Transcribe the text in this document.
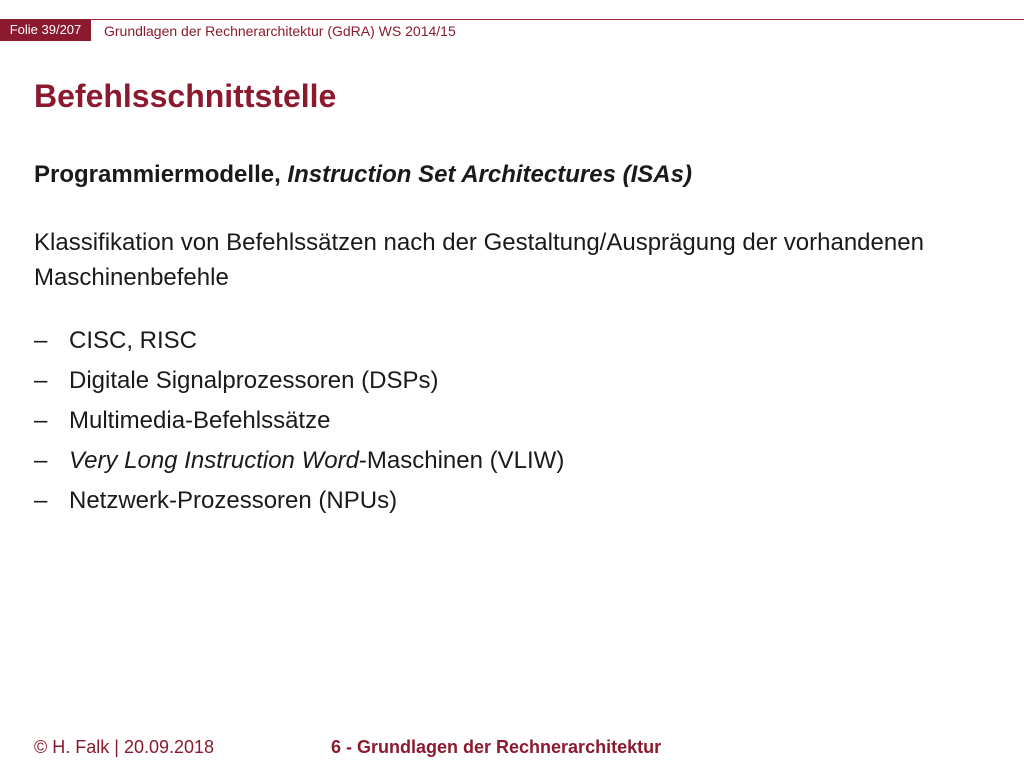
Folie 39/207	Grundlagen der Rechnerarchitektur (GdRA) WS 2014/15
Befehlsschnittstelle
Programmiermodelle, Instruction Set Architectures (ISAs)
Klassifikation von Befehlssätzen nach der Gestaltung/Ausprägung der vorhandenen Maschinenbefehle
– CISC, RISC
– Digitale Signalprozessoren (DSPs)
– Multimedia-Befehlssätze
– Very Long Instruction Word-Maschinen (VLIW)
– Netzwerk-Prozessoren (NPUs)
© H. Falk | 20.09.2018	6 - Grundlagen der Rechnerarchitektur
